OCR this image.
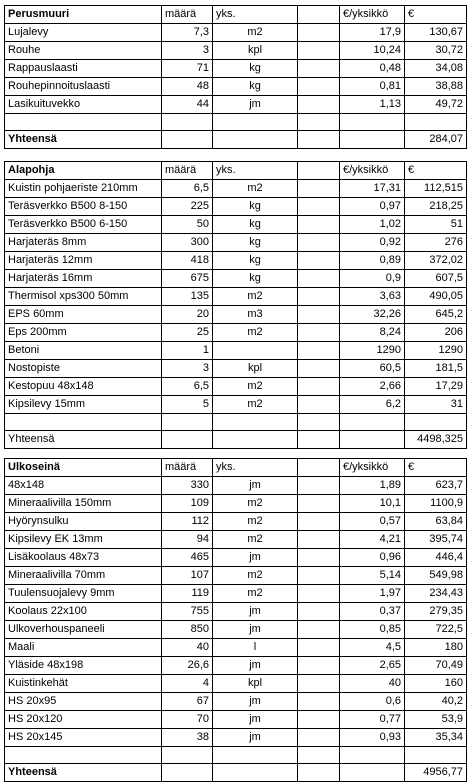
Perusmuuri	määrä	yks.		€/yksikkö	€
Lujalevy	7,3	m2		17,9	130,67
Rouhe	3	kpl		10,24	30,72
Rappauslaasti	71	kg		0,48	34,08
Rouhepinnoituslaasti	48	kg		0,81	38,88
Lasikuituvekko	44	jm		1,13	49,72

Yhteensä					284,07
Alapohja	määrä	yks.		€/yksikkö	€
Kuistin pohjaeriste 210mm	6,5	m2		17,31	112,515
Teräsverkko B500 8-150	225	kg		0,97	218,25
Teräsverkko B500 6-150	50	kg		1,02	51
Harjateräs 8mm	300	kg		0,92	276
Harjateräs 12mm	418	kg		0,89	372,02
Harjateräs 16mm	675	kg		0,9	607,5
Thermisol xps300 50mm	135	m2		3,63	490,05
EPS 60mm	20	m3		32,26	645,2
Eps 200mm	25	m2		8,24	206
Betoni	1			1290	1290
Nostopiste	3	kpl		60,5	181,5
Kestopuu 48x148	6,5	m2		2,66	17,29
Kipsilevy 15mm	5	m2		6,2	31

Yhteensä					4498,325
Ulkoseinä	määrä	yks.		€/yksikkö	€
48x148	330	jm		1,89	623,7
Mineraalivilla 150mm	109	m2		10,1	1100,9
Hyörynsulku	112	m2		0,57	63,84
Kipsilevy EK 13mm	94	m2		4,21	395,74
Lisäkoolaus 48x73	465	jm		0,96	446,4
Mineraalivilla 70mm	107	m2		5,14	549,98
Tuulensuojalevy 9mm	119	m2		1,97	234,43
Koolaus 22x100	755	jm		0,37	279,35
Ulkoverhouspaneeli	850	jm		0,85	722,5
Maali	40	l		4,5	180
Yläside 48x198	26,6	jm		2,65	70,49
Kuistinkehät	4	kpl		40	160
HS 20x95	67	jm		0,6	40,2
HS 20x120	70	jm		0,77	53,9
HS 20x145	38	jm		0,93	35,34

Yhteensä					4956,77
